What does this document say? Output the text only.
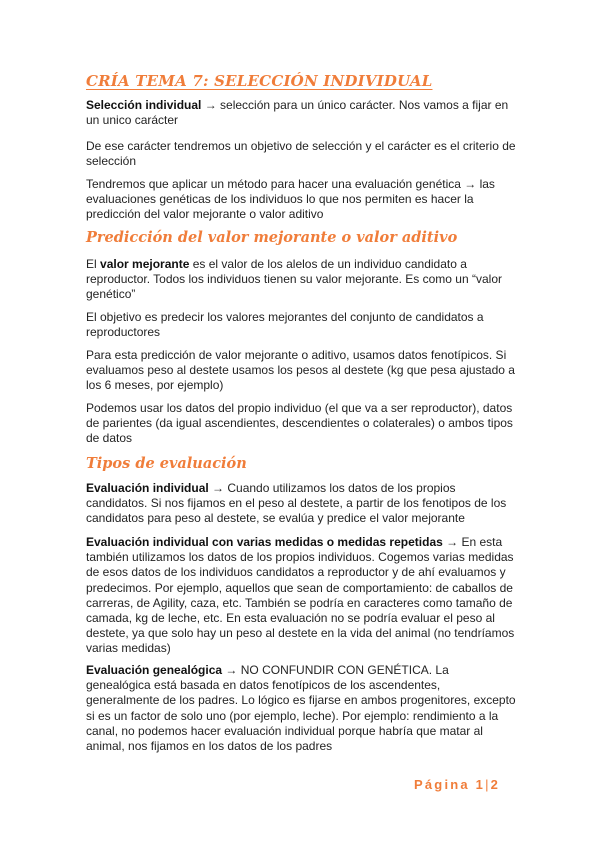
CRÍA TEMA 7: SELECCIÓN INDIVIDUAL
Selección individual → selección para un único carácter. Nos vamos a fijar en un unico carácter
De ese carácter tendremos un objetivo de selección y el carácter es el criterio de selección
Tendremos que aplicar un método para hacer una evaluación genética → las evaluaciones genéticas de los individuos lo que nos permiten es hacer la predicción del valor mejorante o valor aditivo
Predicción del valor mejorante o valor aditivo
El valor mejorante es el valor de los alelos de un individuo candidato a reproductor. Todos los individuos tienen su valor mejorante. Es como un “valor genético”
El objetivo es predecir los valores mejorantes del conjunto de candidatos a reproductores
Para esta predicción de valor mejorante o aditivo, usamos datos fenotípicos. Si evaluamos peso al destete usamos los pesos al destete (kg que pesa ajustado a los 6 meses, por ejemplo)
Podemos usar los datos del propio individuo (el que va a ser reproductor), datos de parientes (da igual ascendientes, descendientes o colaterales) o ambos tipos de datos
Tipos de evaluación
Evaluación individual → Cuando utilizamos los datos de los propios candidatos. Si nos fijamos en el peso al destete, a partir de los fenotipos de los candidatos para peso al destete, se evalúa y predice el valor mejorante
Evaluación individual con varias medidas o medidas repetidas → En esta también utilizamos los datos de los propios individuos. Cogemos varias medidas de esos datos de los individuos candidatos a reproductor y de ahí evaluamos y predecimos. Por ejemplo, aquellos que sean de comportamiento: de caballos de carreras, de Agility, caza, etc. También se podría en caracteres como tamaño de camada, kg de leche, etc. En esta evaluación no se podría evaluar el peso al destete, ya que solo hay un peso al destete en la vida del animal (no tendríamos varias medidas)
Evaluación genealógica → NO CONFUNDIR CON GENÉTICA. La genealógica está basada en datos fenotípicos de los ascendentes, generalmente de los padres. Lo lógico es fijarse en ambos progenitores, excepto si es un factor de solo uno (por ejemplo, leche). Por ejemplo: rendimiento a la canal, no podemos hacer evaluación individual porque habría que matar al animal, nos fijamos en los datos de los padres
Página 1|2
